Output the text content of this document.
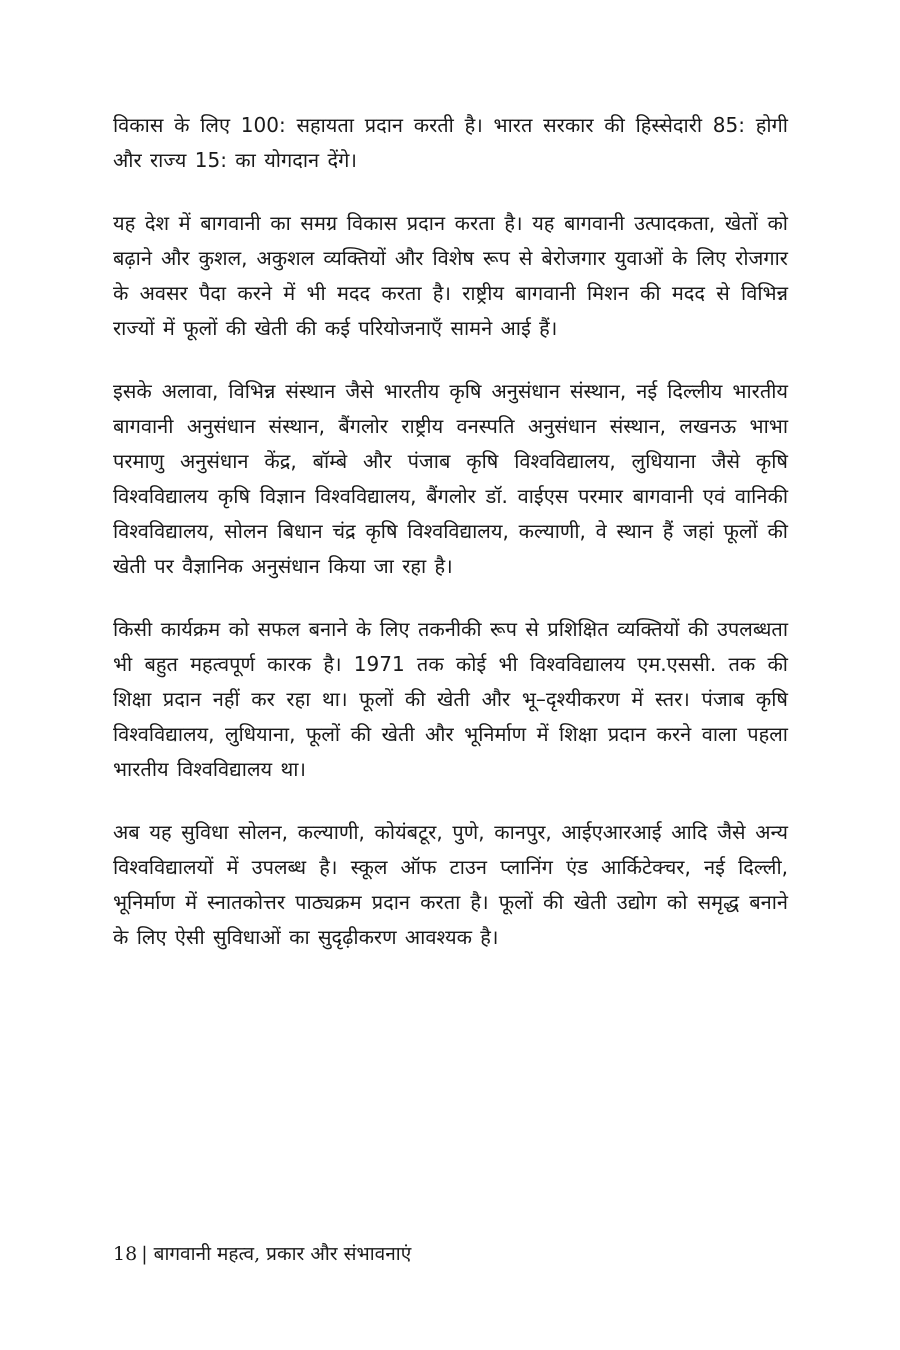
विकास के लिए 100: सहायता प्रदान करती है। भारत सरकार की हिस्सेदारी 85: होगी और राज्य 15: का योगदान देंगे।

यह देश में बागवानी का समग्र विकास प्रदान करता है। यह बागवानी उत्पादकता, खेतों को बढ़ाने और कुशल, अकुशल व्यक्तियों और विशेष रूप से बेरोजगार युवाओं के लिए रोजगार के अवसर पैदा करने में भी मदद करता है। राष्ट्रीय बागवानी मिशन की मदद से विभिन्न राज्यों में फूलों की खेती की कई परियोजनाएँ सामने आई हैं।

इसके अलावा, विभिन्न संस्थान जैसे भारतीय कृषि अनुसंधान संस्थान, नई दिल्लीय भारतीय बागवानी अनुसंधान संस्थान, बैंगलोर राष्ट्रीय वनस्पति अनुसंधान संस्थान, लखनऊ भाभा परमाणु अनुसंधान केंद्र, बॉम्बे और पंजाब कृषि विश्वविद्यालय, लुधियाना जैसे कृषि विश्वविद्यालय कृषि विज्ञान विश्वविद्यालय, बैंगलोर डॉ. वाईएस परमार बागवानी एवं वानिकी विश्वविद्यालय, सोलन बिधान चंद्र कृषि विश्वविद्यालय, कल्याणी, वे स्थान हैं जहां फूलों की खेती पर वैज्ञानिक अनुसंधान किया जा रहा है।

किसी कार्यक्रम को सफल बनाने के लिए तकनीकी रूप से प्रशिक्षित व्यक्तियों की उपलब्धता भी बहुत महत्वपूर्ण कारक है। 1971 तक कोई भी विश्वविद्यालय एम.एससी. तक की शिक्षा प्रदान नहीं कर रहा था। फूलों की खेती और भू–दृश्यीकरण में स्तर। पंजाब कृषि विश्वविद्यालय, लुधियाना, फूलों की खेती और भूनिर्माण में शिक्षा प्रदान करने वाला पहला भारतीय विश्वविद्यालय था।

अब यह सुविधा सोलन, कल्याणी, कोयंबटूर, पुणे, कानपुर, आईएआरआई आदि जैसे अन्य विश्वविद्यालयों में उपलब्ध है। स्कूल ऑफ टाउन प्लानिंग एंड आर्किटेक्चर, नई दिल्ली, भूनिर्माण में स्नातकोत्तर पाठ्यक्रम प्रदान करता है। फूलों की खेती उद्योग को समृद्ध बनाने के लिए ऐसी सुविधाओं का सुदृढ़ीकरण आवश्यक है।

18 | बागवानी महत्व, प्रकार और संभावनाएं
